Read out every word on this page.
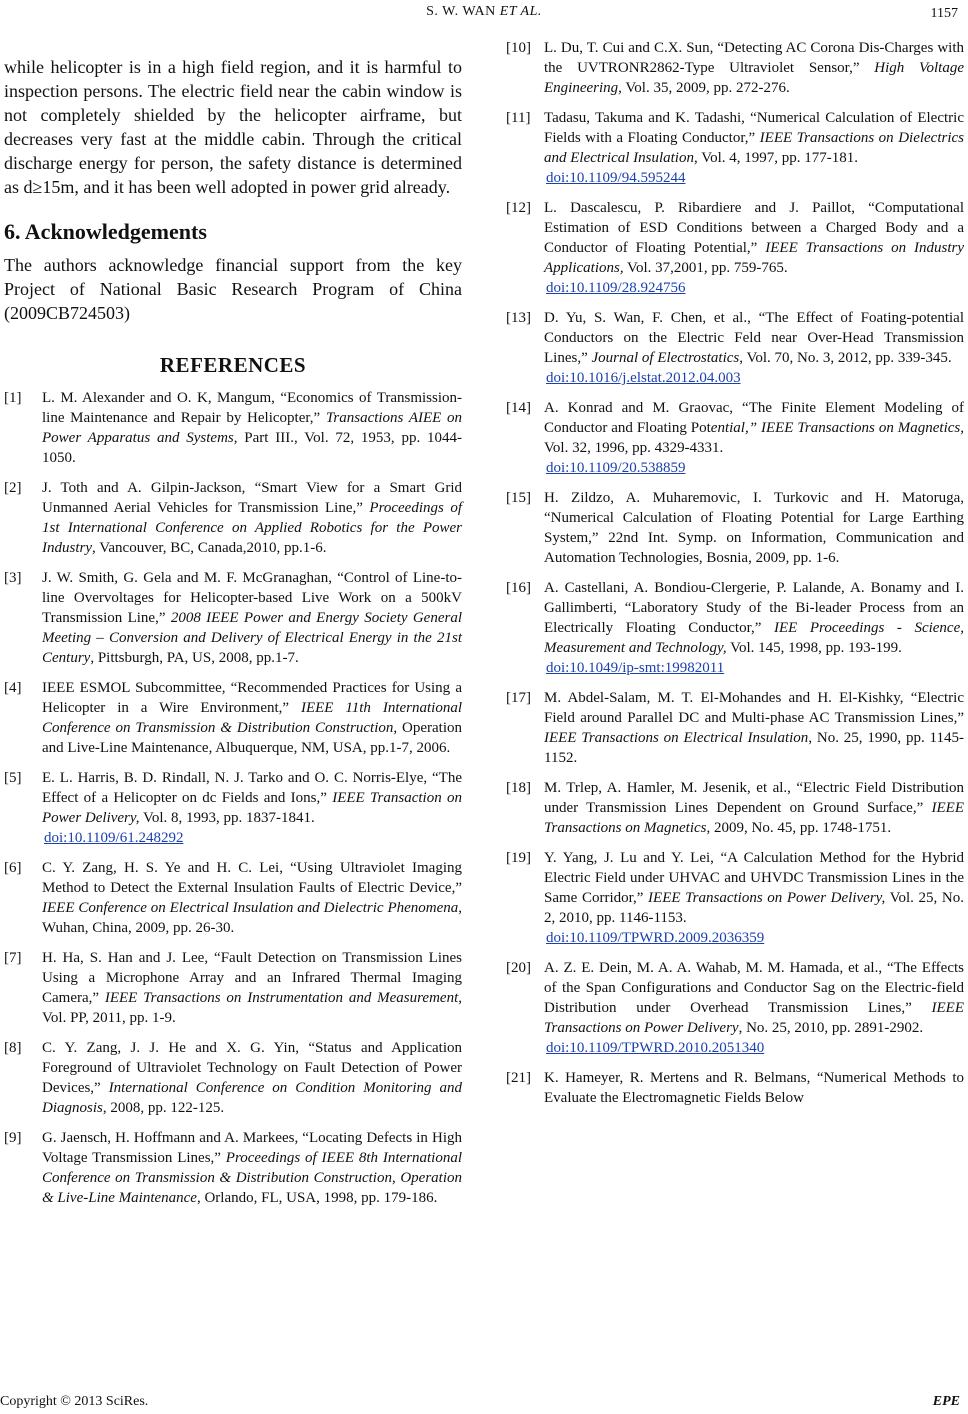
S. W. WAN ET AL.	1157

while helicopter is in a high field region, and it is harmful to inspection persons. The electric field near the cabin window is not completely shielded by the helicopter airframe, but decreases very fast at the middle cabin. Through the critical discharge energy for person, the safety distance is determined as d≥15m, and it has been well adopted in power grid already.

6. Acknowledgements

The authors acknowledge financial support from the key Project of National Basic Research Program of China (2009CB724503)

REFERENCES
[1] L. M. Alexander and O. K, Mangum, “Economics of Transmission-line Maintenance and Repair by Helicopter,” Transactions AIEE on Power Apparatus and Systems, Part III., Vol. 72, 1953, pp. 1044-1050.
[2] J. Toth and A. Gilpin-Jackson, “Smart View for a Smart Grid Unmanned Aerial Vehicles for Transmission Line,” Proceedings of 1st International Conference on Applied Robotics for the Power Industry, Vancouver, BC, Canada,2010, pp.1-6.
[3] J. W. Smith, G. Gela and M. F. McGranaghan, “Control of Line-to-line Overvoltages for Helicopter-based Live Work on a 500kV Transmission Line,” 2008 IEEE Power and Energy Society General Meeting – Conversion and Delivery of Electrical Energy in the 21st Century, Pittsburgh, PA, US, 2008, pp.1-7.
[4] IEEE ESMOL Subcommittee, “Recommended Practices for Using a Helicopter in a Wire Environment,” IEEE 11th International Conference on Transmission & Distribution Construction, Operation and Live-Line Maintenance, Albuquerque, NM, USA, pp.1-7, 2006.
[5] E. L. Harris, B. D. Rindall, N. J. Tarko and O. C. Norris-Elye, “The Effect of a Helicopter on dc Fields and Ions,” IEEE Transaction on Power Delivery, Vol. 8, 1993, pp. 1837-1841.
doi:10.1109/61.248292
[6] C. Y. Zang, H. S. Ye and H. C. Lei, “Using Ultraviolet Imaging Method to Detect the External Insulation Faults of Electric Device,” IEEE Conference on Electrical Insulation and Dielectric Phenomena, Wuhan, China, 2009, pp. 26-30.
[7] H. Ha, S. Han and J. Lee, “Fault Detection on Transmission Lines Using a Microphone Array and an Infrared Thermal Imaging Camera,” IEEE Transactions on Instrumentation and Measurement, Vol. PP, 2011, pp. 1-9.
[8] C. Y. Zang, J. J. He and X. G. Yin, “Status and Application Foreground of Ultraviolet Technology on Fault Detection of Power Devices,” International Conference on Condition Monitoring and Diagnosis, 2008, pp. 122-125.
[9] G. Jaensch, H. Hoffmann and A. Markees, “Locating Defects in High Voltage Transmission Lines,” Proceedings of IEEE 8th International Conference on Transmission & Distribution Construction, Operation & Live-Line Maintenance, Orlando, FL, USA, 1998, pp. 179-186.
[10] L. Du, T. Cui and C.X. Sun, “Detecting AC Corona Dis-Charges with the UVTRONR2862-Type Ultraviolet Sensor,” High Voltage Engineering, Vol. 35, 2009, pp. 272-276.
[11] Tadasu, Takuma and K. Tadashi, “Numerical Calculation of Electric Fields with a Floating Conductor,” IEEE Transactions on Dielectrics and Electrical Insulation, Vol. 4, 1997, pp. 177-181.
doi:10.1109/94.595244
[12] L. Dascalescu, P. Ribardiere and J. Paillot, “Computational Estimation of ESD Conditions between a Charged Body and a Conductor of Floating Potential,” IEEE Transactions on Industry Applications, Vol. 37,2001, pp. 759-765.
doi:10.1109/28.924756
[13] D. Yu, S. Wan, F. Chen, et al., “The Effect of Foating-potential Conductors on the Electric Feld near Over-Head Transmission Lines,” Journal of Electrostatics, Vol. 70, No. 3, 2012, pp. 339-345.
doi:10.1016/j.elstat.2012.04.003
[14] A. Konrad and M. Graovac, “The Finite Element Modeling of Conductor and Floating Potential,” IEEE Transactions on Magnetics, Vol. 32, 1996, pp. 4329-4331.
doi:10.1109/20.538859
[15] H. Zildzo, A. Muharemovic, I. Turkovic and H. Matoruga, “Numerical Calculation of Floating Potential for Large Earthing System,” 22nd Int. Symp. on Information, Communication and Automation Technologies, Bosnia, 2009, pp. 1-6.
[16] A. Castellani, A. Bondiou-Clergerie, P. Lalande, A. Bonamy and I. Gallimberti, “Laboratory Study of the Bi-leader Process from an Electrically Floating Conductor,” IEE Proceedings - Science, Measurement and Technology, Vol. 145, 1998, pp. 193-199.
doi:10.1049/ip-smt:19982011
[17] M. Abdel-Salam, M. T. El-Mohandes and H. El-Kishky, “Electric Field around Parallel DC and Multi-phase AC Transmission Lines,” IEEE Transactions on Electrical Insulation, No. 25, 1990, pp. 1145-1152.
[18] M. Trlep, A. Hamler, M. Jesenik, et al., “Electric Field Distribution under Transmission Lines Dependent on Ground Surface,” IEEE Transactions on Magnetics, 2009, No. 45, pp. 1748-1751.
[19] Y. Yang, J. Lu and Y. Lei, “A Calculation Method for the Hybrid Electric Field under UHVAC and UHVDC Transmission Lines in the Same Corridor,” IEEE Transactions on Power Delivery, Vol. 25, No. 2, 2010, pp. 1146-1153.
doi:10.1109/TPWRD.2009.2036359
[20] A. Z. E. Dein, M. A. A. Wahab, M. M. Hamada, et al., “The Effects of the Span Configurations and Conductor Sag on the Electric-field Distribution under Overhead Transmission Lines,” IEEE Transactions on Power Delivery, No. 25, 2010, pp. 2891-2902.
doi:10.1109/TPWRD.2010.2051340
[21] K. Hameyer, R. Mertens and R. Belmans, “Numerical Methods to Evaluate the Electromagnetic Fields Below
Copyright © 2013 SciRes.	EPE
